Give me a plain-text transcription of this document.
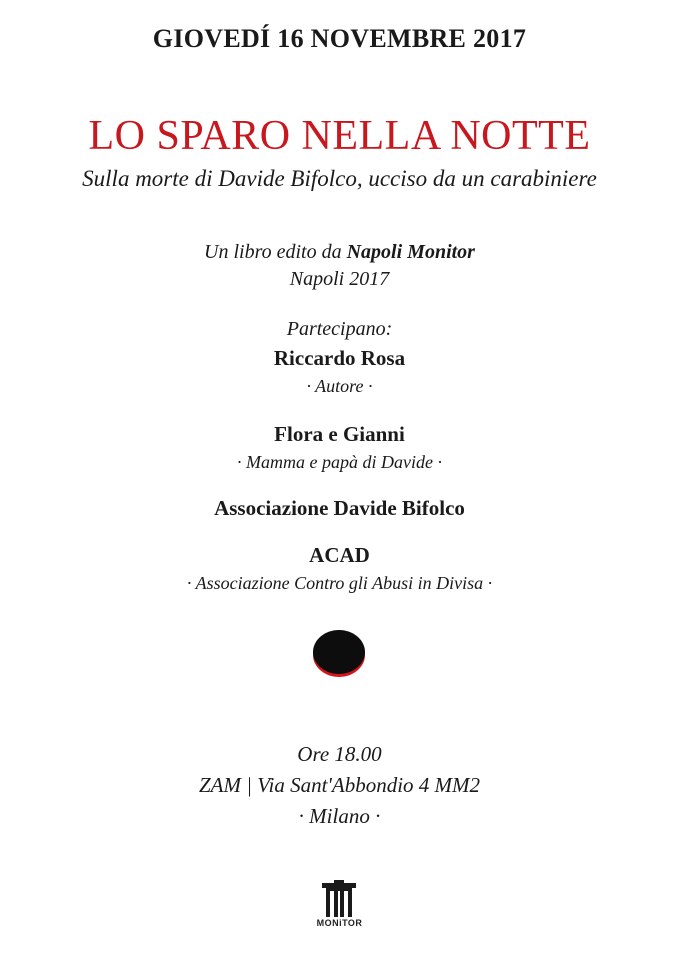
GIOVEDÍ 16 NOVEMBRE 2017
LO SPARO NELLA NOTTE
Sulla morte di Davide Bifolco, ucciso da un carabiniere
Un libro edito da Napoli Monitor
Napoli 2017
Partecipano:
Riccardo Rosa
· Autore ·
Flora e Gianni
· Mamma e papà di Davide ·
Associazione Davide Bifolco
ACAD
· Associazione Contro gli Abusi in Divisa ·
Ore 18.00
ZAM | Via Sant'Abbondio 4 MM2
· Milano ·
MONiTOR
